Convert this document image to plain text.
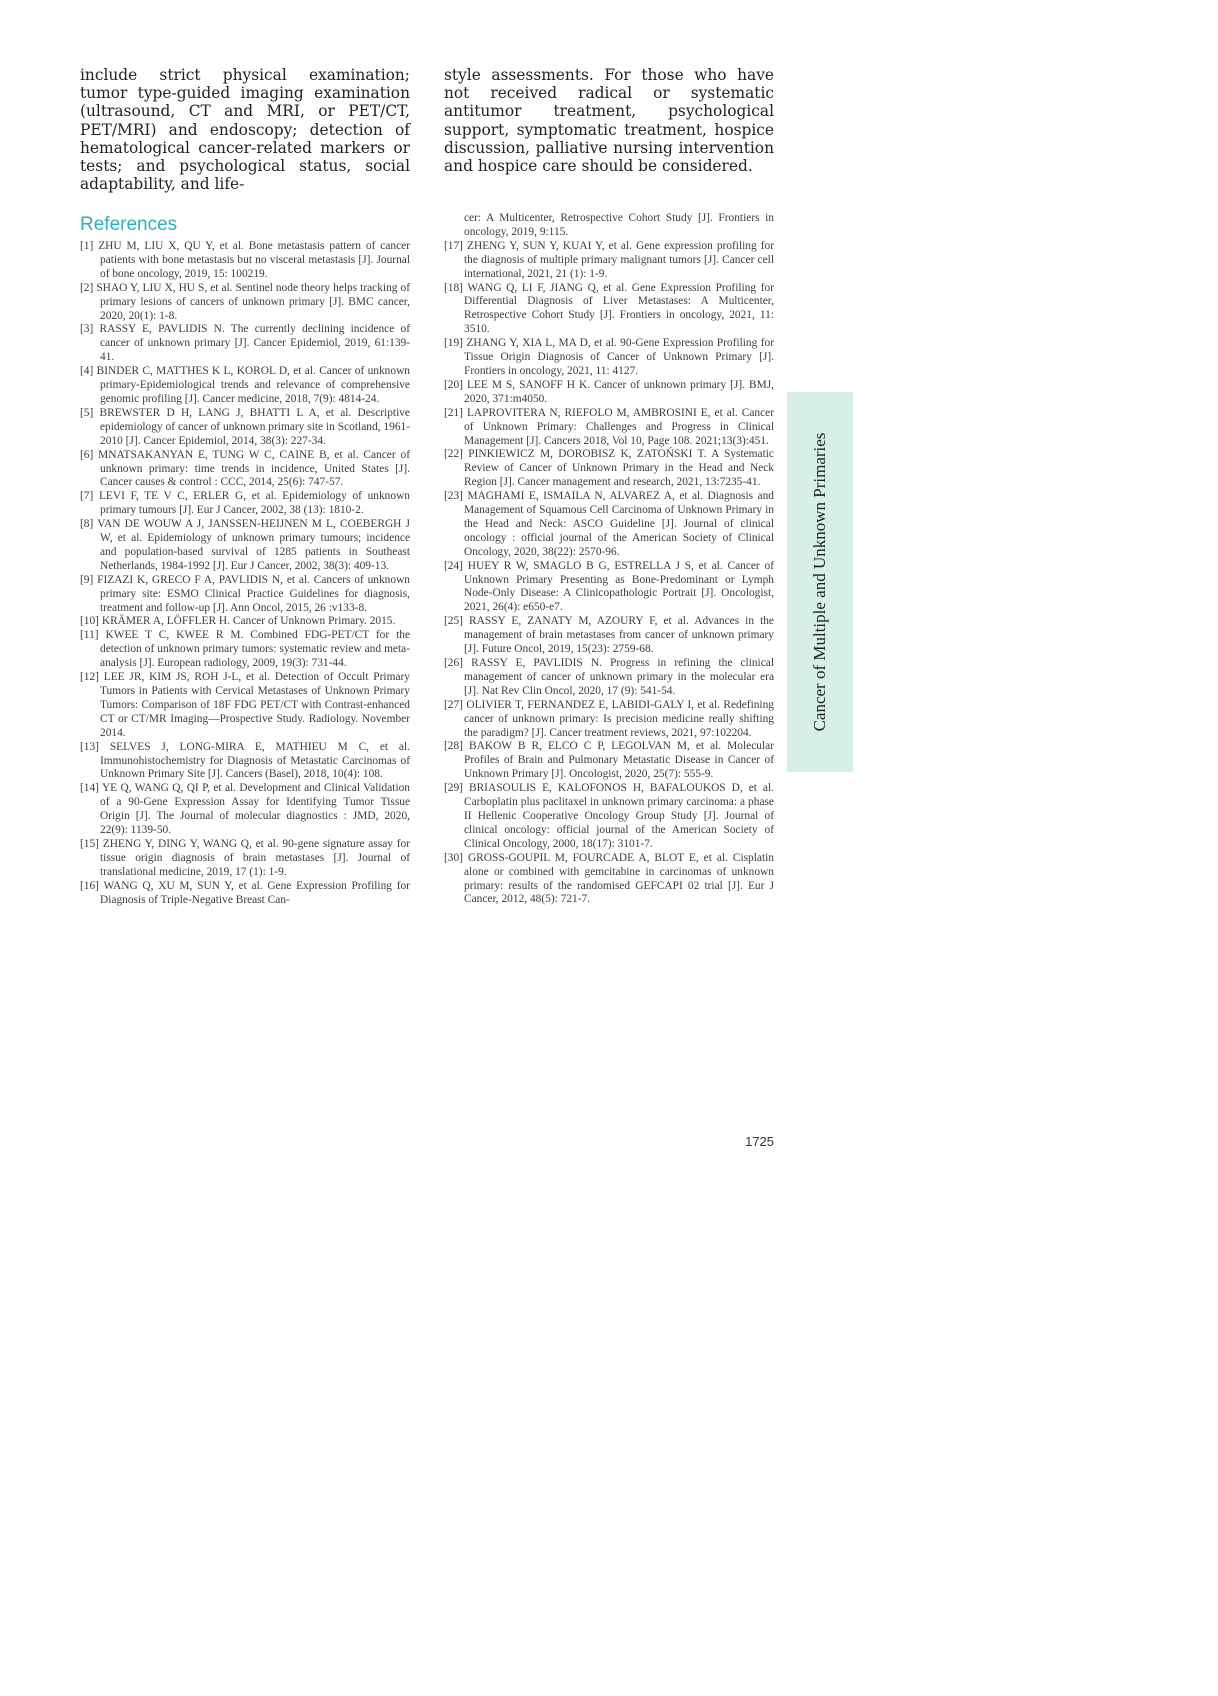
include strict physical examination; tumor type-guided imaging examination (ultrasound, CT and MRI, or PET/CT, PET/MRI) and endoscopy; detection of hematological cancer-related markers or tests; and psychological status, social adaptability, and life-

style assessments. For those who have not received radical or systematic antitumor treatment, psychological support, symptomatic treatment, hospice discussion, palliative nursing intervention and hospice care should be considered.

References
[1] ZHU M, LIU X, QU Y, et al. Bone metastasis pattern of cancer patients with bone metastasis but no visceral metastasis [J]. Journal of bone oncology, 2019, 15: 100219.
[2] SHAO Y, LIU X, HU S, et al. Sentinel node theory helps tracking of primary lesions of cancers of unknown primary [J]. BMC cancer, 2020, 20(1): 1-8.
[3] RASSY E, PAVLIDIS N. The currently declining incidence of cancer of unknown primary [J]. Cancer Epidemiol, 2019, 61:139-41.
[4] BINDER C, MATTHES K L, KOROL D, et al. Cancer of unknown primary-Epidemiological trends and relevance of comprehensive genomic profiling [J]. Cancer medicine, 2018, 7(9): 4814-24.
[5] BREWSTER D H, LANG J, BHATTI L A, et al. Descriptive epidemiology of cancer of unknown primary site in Scotland, 1961-2010 [J]. Cancer Epidemiol, 2014, 38(3): 227-34.
[6] MNATSAKANYAN E, TUNG W C, CAINE B, et al. Cancer of unknown primary: time trends in incidence, United States [J]. Cancer causes & control : CCC, 2014, 25(6): 747-57.
[7] LEVI F, TE V C, ERLER G, et al. Epidemiology of unknown primary tumours [J]. Eur J Cancer, 2002, 38 (13): 1810-2.
[8] VAN DE WOUW A J, JANSSEN-HEIJNEN M L, COEBERGH J W, et al. Epidemiology of unknown primary tumours; incidence and population-based survival of 1285 patients in Southeast Netherlands, 1984-1992 [J]. Eur J Cancer, 2002, 38(3): 409-13.
[9] FIZAZI K, GRECO F A, PAVLIDIS N, et al. Cancers of unknown primary site: ESMO Clinical Practice Guidelines for diagnosis, treatment and follow-up [J]. Ann Oncol, 2015, 26 :v133-8.
[10] KRÄMER A, LÖFFLER H. Cancer of Unknown Primary. 2015.
[11] KWEE T C, KWEE R M. Combined FDG-PET/CT for the detection of unknown primary tumors: systematic review and meta-analysis [J]. European radiology, 2009, 19(3): 731-44.
[12] LEE JR, KIM JS, ROH J-L, et al. Detection of Occult Primary Tumors in Patients with Cervical Metastases of Unknown Primary Tumors: Comparison of 18F FDG PET/CT with Contrast-enhanced CT or CT/MR Imaging—Prospective Study. Radiology. November 2014.
[13] SELVES J, LONG-MIRA E, MATHIEU M C, et al. Immunohistochemistry for Diagnosis of Metastatic Carcinomas of Unknown Primary Site [J]. Cancers (Basel), 2018, 10(4): 108.
[14] YE Q, WANG Q, QI P, et al. Development and Clinical Validation of a 90-Gene Expression Assay for Identifying Tumor Tissue Origin [J]. The Journal of molecular diagnostics : JMD, 2020, 22(9): 1139-50.
[15] ZHENG Y, DING Y, WANG Q, et al. 90-gene signature assay for tissue origin diagnosis of brain metastases [J]. Journal of translational medicine, 2019, 17 (1): 1-9.
[16] WANG Q, XU M, SUN Y, et al. Gene Expression Profiling for Diagnosis of Triple-Negative Breast Can-

cer: A Multicenter, Retrospective Cohort Study [J]. Frontiers in oncology, 2019, 9:115.

[17] ZHENG Y, SUN Y, KUAI Y, et al. Gene expression profiling for the diagnosis of multiple primary malignant tumors [J]. Cancer cell international, 2021, 21 (1): 1-9.
[18] WANG Q, LI F, JIANG Q, et al. Gene Expression Profiling for Differential Diagnosis of Liver Metastases: A Multicenter, Retrospective Cohort Study [J]. Frontiers in oncology, 2021, 11: 3510.
[19] ZHANG Y, XIA L, MA D, et al. 90-Gene Expression Profiling for Tissue Origin Diagnosis of Cancer of Unknown Primary [J]. Frontiers in oncology, 2021, 11: 4127.
[20] LEE M S, SANOFF H K. Cancer of unknown primary [J]. BMJ, 2020, 371:m4050.
[21] LAPROVITERA N, RIEFOLO M, AMBROSINI E, et al. Cancer of Unknown Primary: Challenges and Progress in Clinical Management [J]. Cancers 2018, Vol 10, Page 108. 2021;13(3):451.
[22] PINKIEWICZ M, DOROBISZ K, ZATOŃSKI T. A Systematic Review of Cancer of Unknown Primary in the Head and Neck Region [J]. Cancer management and research, 2021, 13:7235-41.
[23] MAGHAMI E, ISMAILA N, ALVAREZ A, et al. Diagnosis and Management of Squamous Cell Carcinoma of Unknown Primary in the Head and Neck: ASCO Guideline [J]. Journal of clinical oncology : official journal of the American Society of Clinical Oncology, 2020, 38(22): 2570-96.
[24] HUEY R W, SMAGLO B G, ESTRELLA J S, et al. Cancer of Unknown Primary Presenting as Bone-Predominant or Lymph Node-Only Disease: A Clinicopathologic Portrait [J]. Oncologist, 2021, 26(4): e650-e7.
[25] RASSY E, ZANATY M, AZOURY F, et al. Advances in the management of brain metastases from cancer of unknown primary [J]. Future Oncol, 2019, 15(23): 2759-68.
[26] RASSY E, PAVLIDIS N. Progress in refining the clinical management of cancer of unknown primary in the molecular era [J]. Nat Rev Clin Oncol, 2020, 17 (9): 541-54.
[27] OLIVIER T, FERNANDEZ E, LABIDI-GALY I, et al. Redefining cancer of unknown primary: Is precision medicine really shifting the paradigm? [J]. Cancer treatment reviews, 2021, 97:102204.
[28] BAKOW B R, ELCO C P, LEGOLVAN M, et al. Molecular Profiles of Brain and Pulmonary Metastatic Disease in Cancer of Unknown Primary [J]. Oncologist, 2020, 25(7): 555-9.
[29] BRIASOULIS E, KALOFONOS H, BAFALOUKOS D, et al. Carboplatin plus paclitaxel in unknown primary carcinoma: a phase II Hellenic Cooperative Oncology Group Study [J]. Journal of clinical oncology: official journal of the American Society of Clinical Oncology, 2000, 18(17): 3101-7.
[30] GROSS-GOUPIL M, FOURCADE A, BLOT E, et al. Cisplatin alone or combined with gemcitabine in carcinomas of unknown primary: results of the randomised GEFCAPI 02 trial [J]. Eur J Cancer, 2012, 48(5): 721-7.
Cancer of Multiple and Unknown Primaries
1725
